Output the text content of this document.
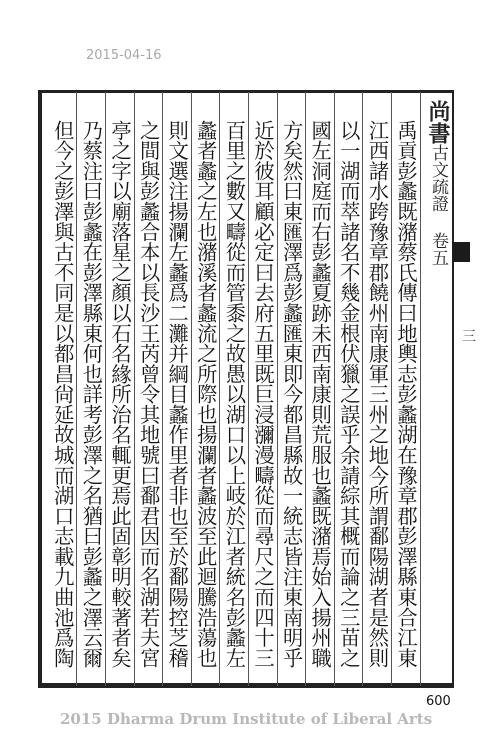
2015-04-16
尚書古文疏證 卷五
三
禹貢彭蠡既潴蔡氏傳曰地輿志彭蠡湖在豫章郡彭澤縣東合江東
江西諸水跨豫章郡饒州南康軍三州之地今所謂鄱陽湖者是然則
以一湖而萃諸名不幾金根伏獵之誤乎余請綜其概而論之三苗之
國左洞庭而右彭蠡夏跡未西南康則荒服也蠡既潴焉始入揚州職
方矣然曰東匯澤爲彭蠡匯東即今都昌縣故一統志皆注東南明乎
近於彼耳顧必定曰去府五里既巨浸瀰漫疇從而尋尺之而四十三
百里之數又疇從而管黍之故愚以湖口以上岐於江者統名彭蠡左
蠡者蠡之左也潴溪者蠡流之所際也揚瀾者蠡波至此迴騰浩蕩也
則文選注揚瀾左蠡爲二灘并綱目蠡作里者非也至於鄱陽控芝稽
之間與彭蠡合本以長沙王芮曾令其地號曰鄱君因而名湖若夫宮
亭之字以廟落星之顏以石名緣所治名輒更焉此固彰明較著者矣
乃蔡注曰彭蠡在彭澤縣東何也詳考彭澤之名猶曰彭蠡之澤云爾
但今之彭澤與古不同是以都昌尙延故城而湖口志載九曲池爲陶
600
2015 Dharma Drum Institute of Liberal Arts
